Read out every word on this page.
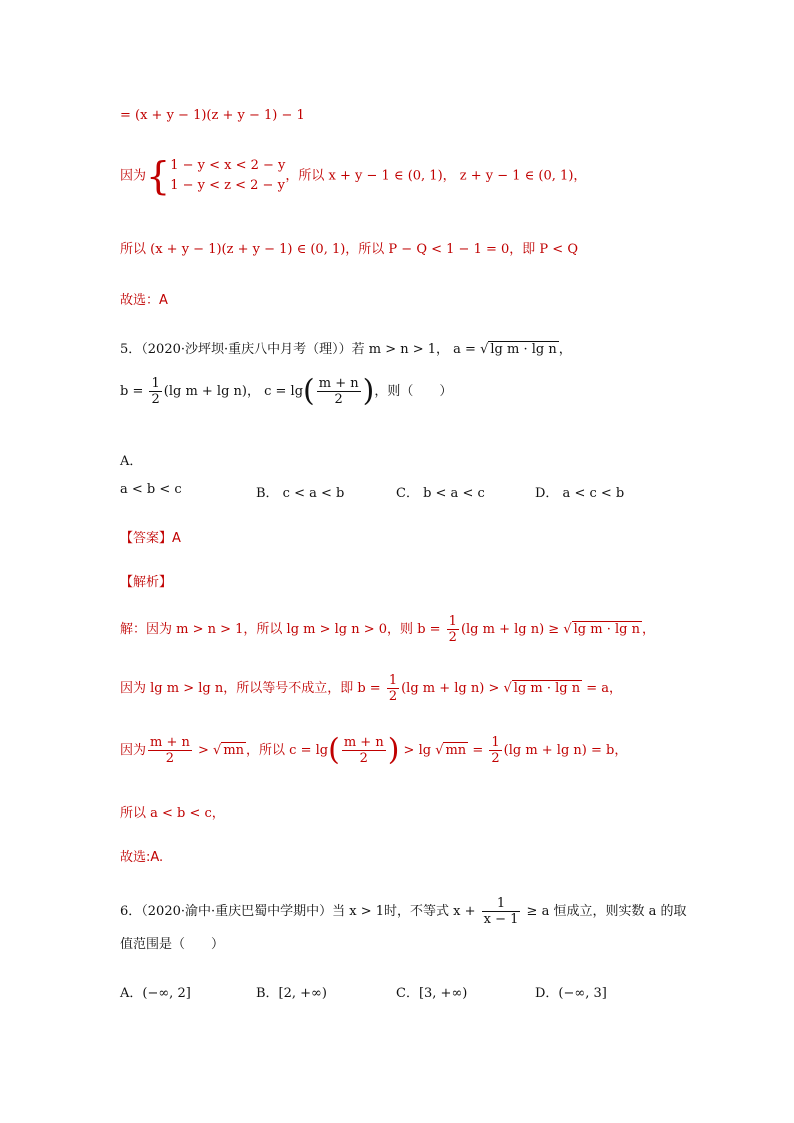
= (x + y − 1)(z + y − 1) − 1
因为{ 1 − y < x < 2 − y
1 − y < z < 2 − y
，所以 x + y − 1 ∈ (0, 1)， z + y − 1 ∈ (0, 1)，
所以 (x + y − 1)(z + y − 1) ∈ (0, 1)，所以 P − Q < 1 − 1 = 0，即 P < Q
故选：A
5．（2020·沙坪坝·重庆八中月考（理））若 m > n > 1， a = √ lg m · lg n ，
$b = \frac{1}{2} (\lg$ m + lg n)， $c = \lg( \frac{m + n}{2}$ )，则（　　）
A．
a < b < c	B． c < a < b	C． b < a < c	D． a < c < b
【答案】A
【解析】
解：因为 m > n > 1，所以 lg m > lg n > 0，则 $b = \frac{1}{2} (\lg$ m + lg n) ≥ √ lg m · lg n ，
因为 lg m > lg n，所以等号不成立，即 $b = \frac{1}{2} (\lg$ m + lg n) > √ lg m · lg n = a，
因为 $\frac{m + n}{2}$ > √ mn ，所以 $c = \lg( \frac{m + n}{2}$ ) > lg √ mn = $\frac{1}{2} (\lg$ m + lg n) = b，
所以 a < b < c，
故选:A.
6．（2020·渝中·重庆巴蜀中学期中）当 x > 1时，不等式 $x + \frac{1}{x - 1} \ge a$ 恒成立，则实数 a 的取
值范围是（　　）
A．(−∞, 2]	B．[2, +∞)	C．[3, +∞)	D．(−∞, 3]
